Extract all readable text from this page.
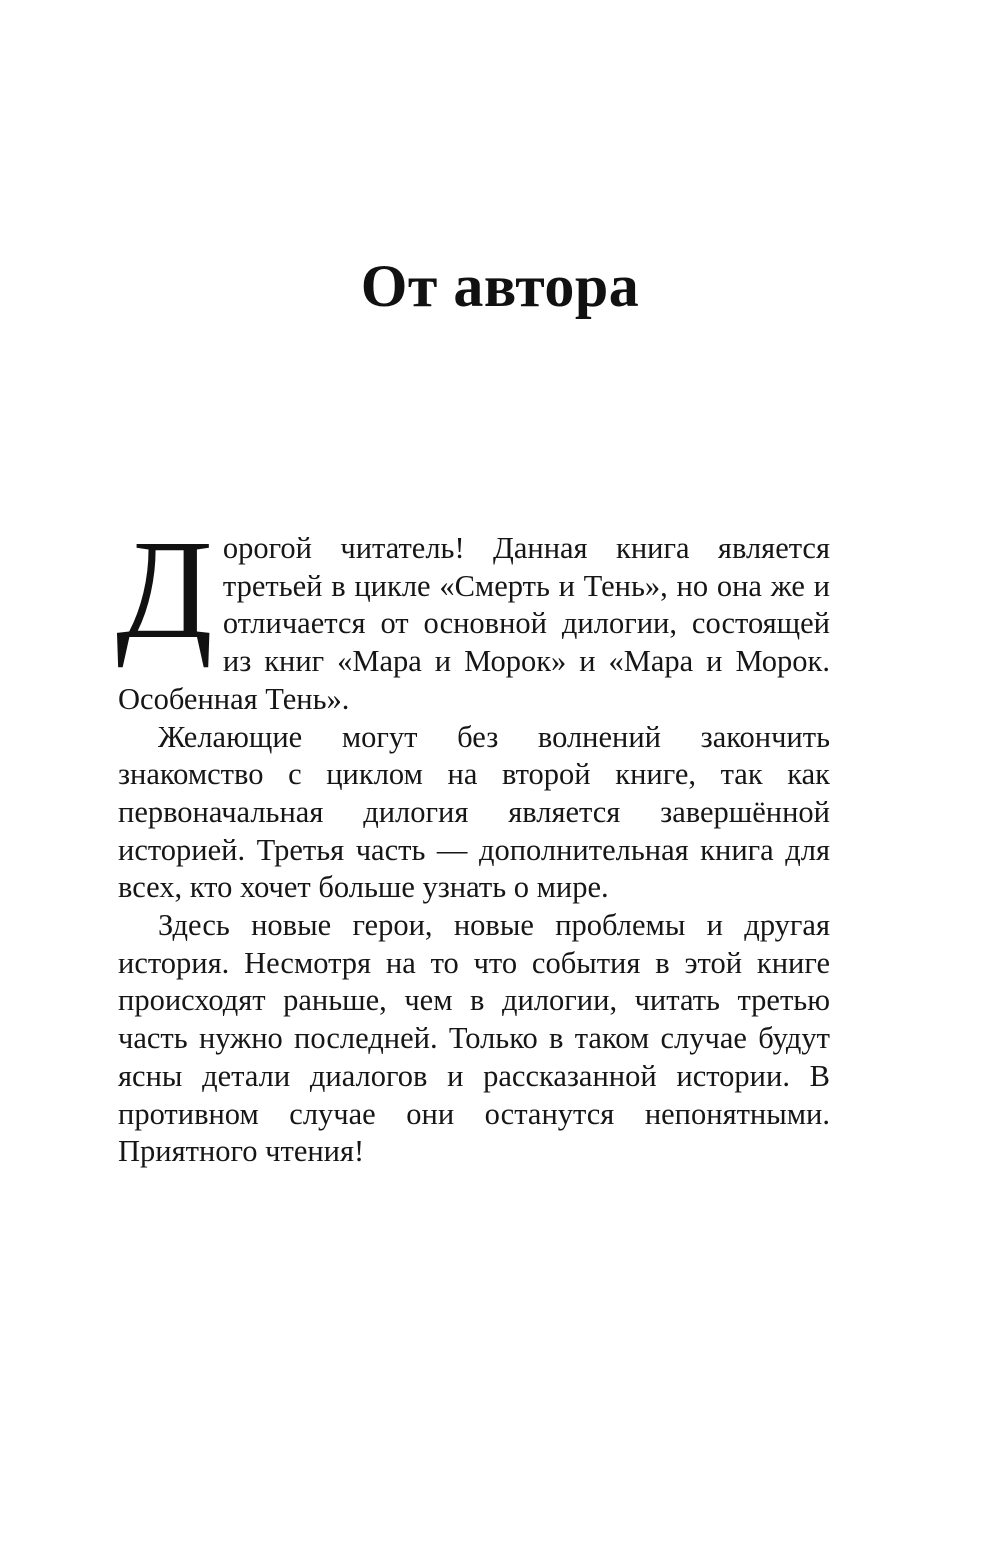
От автора

Дорогой читатель! Данная книга является третьей в цикле «Смерть и Тень», но она же и отличается от основной дилогии, состоящей из книг «Мара и Морок» и «Мара и Морок. Особенная Тень».

Желающие могут без волнений закончить знакомство с циклом на второй книге, так как первоначальная дилогия является завершённой историей. Третья часть — дополнительная книга для всех, кто хочет больше узнать о мире.

Здесь новые герои, новые проблемы и другая история. Несмотря на то что события в этой книге происходят раньше, чем в дилогии, читать третью часть нужно последней. Только в таком случае будут ясны детали диалогов и рассказанной истории. В противном случае они останутся непонятными. Приятного чтения!
